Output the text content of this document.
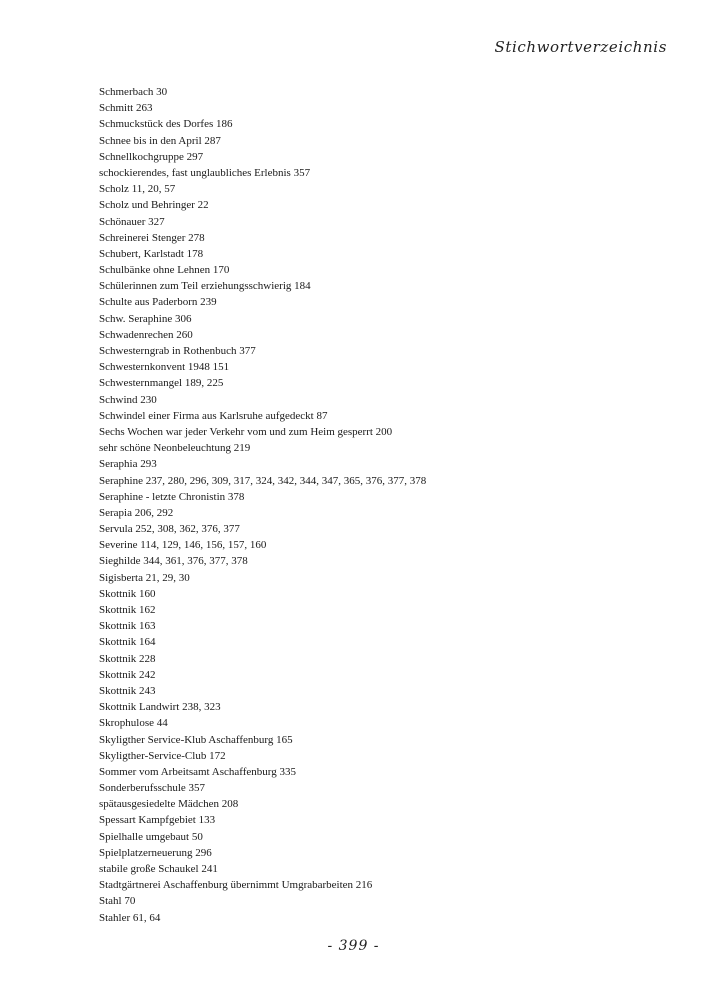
Stichwortverzeichnis
Schmerbach 30
Schmitt 263
Schmuckstück des Dorfes 186
Schnee bis in den April 287
Schnellkochgruppe 297
schockierendes, fast unglaubliches Erlebnis 357
Scholz 11, 20, 57
Scholz und Behringer 22
Schönauer 327
Schreinerei Stenger 278
Schubert, Karlstadt 178
Schulbänke ohne Lehnen 170
Schülerinnen zum Teil erziehungsschwierig 184
Schulte aus Paderborn 239
Schw. Seraphine 306
Schwadenrechen 260
Schwesterngrab in Rothenbuch 377
Schwesternkonvent 1948 151
Schwesternmangel 189, 225
Schwind 230
Schwindel einer Firma aus Karlsruhe aufgedeckt 87
Sechs Wochen war jeder Verkehr vom und zum Heim gesperrt 200
sehr schöne Neonbeleuchtung 219
Seraphia 293
Seraphine 237, 280, 296, 309, 317, 324, 342, 344, 347, 365, 376, 377, 378
Seraphine - letzte Chronistin 378
Serapia 206, 292
Servula 252, 308, 362, 376, 377
Severine 114, 129, 146, 156, 157, 160
Sieghilde 344, 361, 376, 377, 378
Sigisberta 21, 29, 30
Skottnik 160
Skottnik 162
Skottnik 163
Skottnik 164
Skottnik 228
Skottnik 242
Skottnik 243
Skottnik Landwirt 238, 323
Skrophulose 44
Skyligther Service-Klub Aschaffenburg 165
Skyligther-Service-Club 172
Sommer vom Arbeitsamt Aschaffenburg 335
Sonderberufsschule 357
spätausgesiedelte Mädchen 208
Spessart Kampfgebiet 133
Spielhalle umgebaut 50
Spielplatzerneuerung 296
stabile große Schaukel 241
Stadtgärtnerei Aschaffenburg übernimmt Umgrabarbeiten 216
Stahl 70
Stahler 61, 64
- 399 -
